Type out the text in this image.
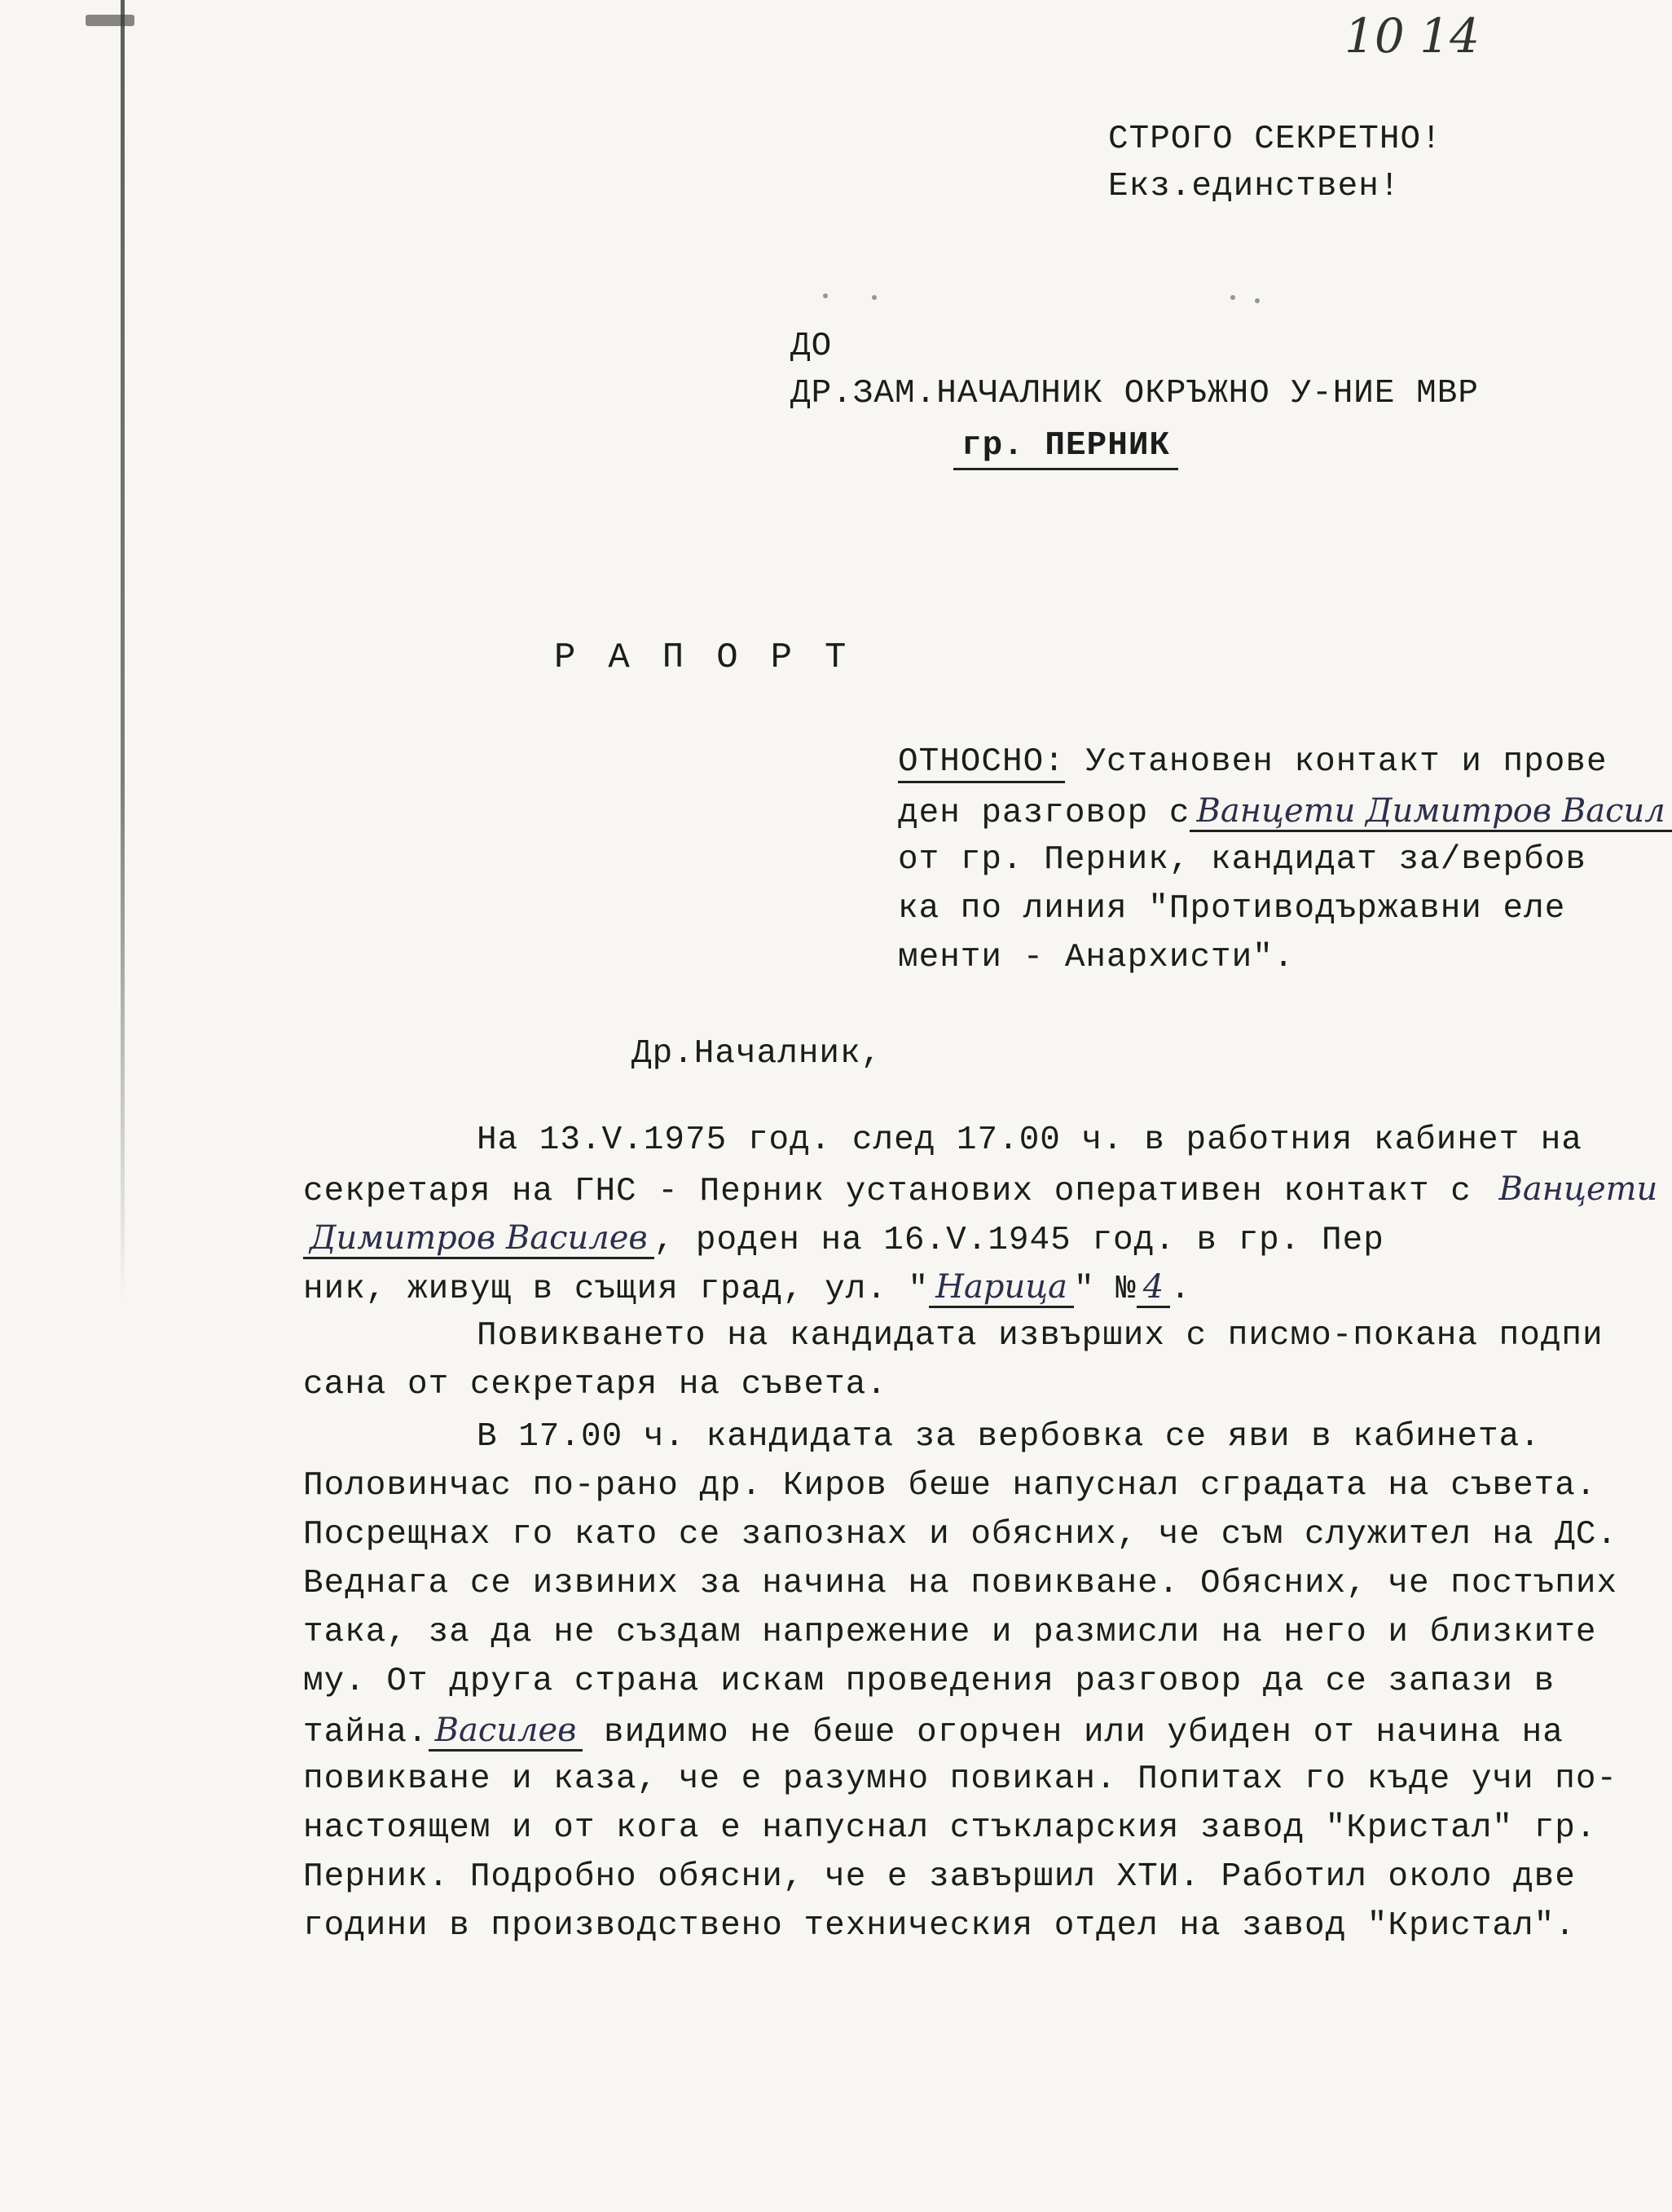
10 14
СТРОГО СЕКРЕТНО!
Екз.единствен!
ДО
ДР.ЗАМ.НАЧАЛНИК ОКРЪЖНО У-НИЕ МВР
гр. ПЕРНИК
РАПОРТ
ОТНОСНО: Установен контакт и прове
ден разговор с Ванцети Димитров Васил
от гр. Перник, кандидат за/вербов
ка по линия "Противодържавни еле
менти - Анархисти".
Др.Началник,
На 13.V.1975 год. след 17.00 ч. в работния кабинет на
секретаря на ГНС - Перник установих оперативен контакт с Ванцети
Димитров Василев , роден на 16.V.1945 год. в гр. Пер
ник, живущ в същия град, ул. " Нарица " № 4 .
Повикването на кандидата извърших с писмо-покана подпи
сана от секретаря на съвета.
В 17.00 ч. кандидата за вербовка се яви в кабинета.
Половинчас по-рано др. Киров беше напуснал сградата на съвета.
Посрещнах го като се запознах и обясних, че съм служител на ДС.
Веднага се извиних за начина на повикване. Обясних, че постъпих
така, за да не създам напрежение и размисли на него и близките
му. От друга страна искам проведения разговор да се запази в
тайна. Василев видимо не беше огорчен или убиден от начина на
повикване и каза, че е разумно повикан. Попитах го къде учи по-
настоящем и от кога е напуснал стъкларския завод "Кристал" гр.
Перник. Подробно обясни, че е завършил ХТИ. Работил около две
години в производствено техническия отдел на завод "Кристал".
